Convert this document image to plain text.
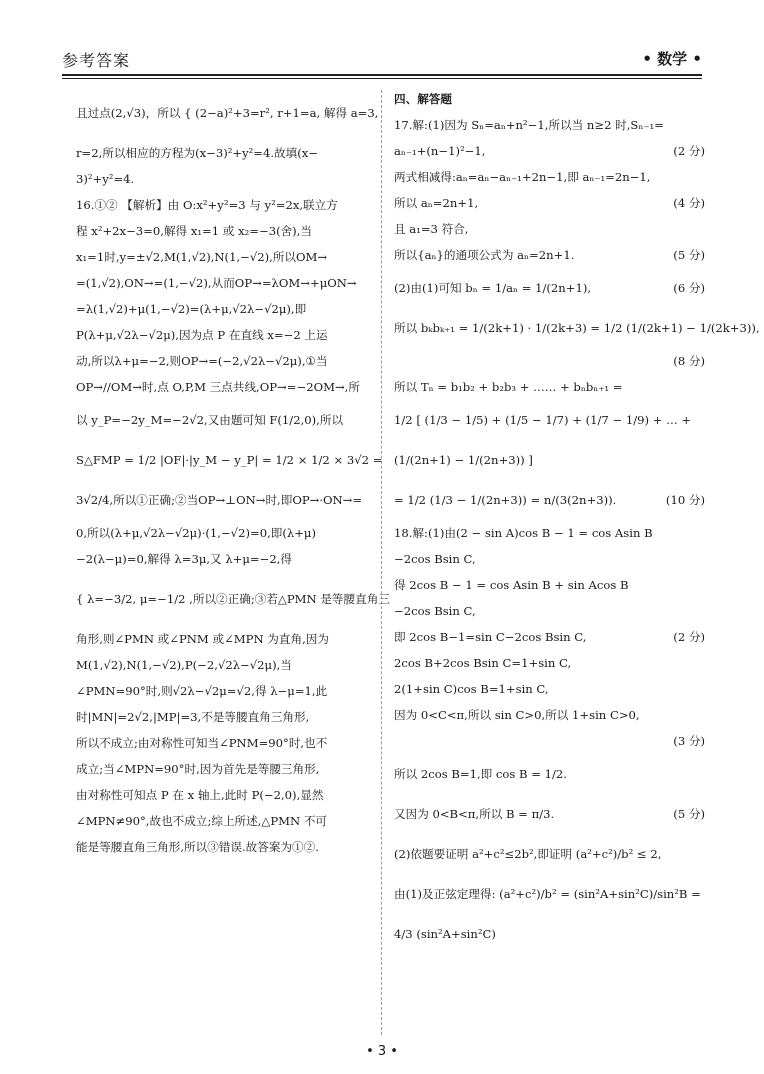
参考答案	• 数学 •
且过点(2,√3)，所以 { (2−a)²+3=r², r+1=a, 解得 a=3,
r=2,所以相应的方程为(x−3)²+y²=4.故填(x−
3)²+y²=4.
16.①② 【解析】由 O:x²+y²=3 与 y²=2x,联立方
程 x²+2x−3=0,解得 x₁=1 或 x₂=−3(舍),当
x₁=1时,y=±√2,M(1,√2),N(1,−√2),所以OM→
=(1,√2),ON→=(1,−√2),从而OP→=λOM→+μON→
=λ(1,√2)+μ(1,−√2)=(λ+μ,√2λ−√2μ),即
P(λ+μ,√2λ−√2μ),因为点 P 在直线 x=−2 上运
动,所以λ+μ=−2,则OP→=(−2,√2λ−√2μ),①当
OP→//OM→时,点 O,P,M 三点共线,OP→=−2OM→,所
以 y_P=−2y_M=−2√2,又由题可知 F(1/2,0),所以
S△FMP = 1/2 |OF|·|y_M − y_P| = 1/2 × 1/2 × 3√2 =
3√2/4,所以①正确;②当OP→⊥ON→时,即OP→·ON→=
0,所以(λ+μ,√2λ−√2μ)·(1,−√2)=0,即(λ+μ)
−2(λ−μ)=0,解得 λ=3μ,又 λ+μ=−2,得
{ λ=−3/2, μ=−1/2 ,所以②正确;③若△PMN 是等腰直角三
角形,则∠PMN 或∠PNM 或∠MPN 为直角,因为
M(1,√2),N(1,−√2),P(−2,√2λ−√2μ),当
∠PMN=90°时,则√2λ−√2μ=√2,得 λ−μ=1,此
时|MN|=2√2,|MP|=3,不是等腰直角三角形,
所以不成立;由对称性可知当∠PNM=90°时,也不
成立;当∠MPN=90°时,因为首先是等腰三角形,
由对称性可知点 P 在 x 轴上,此时 P(−2,0),显然
∠MPN≠90°,故也不成立;综上所述,△PMN 不可
能是等腰直角三角形,所以③错误.故答案为①②.
四、解答题
17.解:(1)因为 Sₙ=aₙ+n²−1,所以当 n≥2 时,Sₙ₋₁=
aₙ₋₁+(n−1)²−1,	(2 分)
两式相减得:aₙ=aₙ−aₙ₋₁+2n−1,即 aₙ₋₁=2n−1,
所以 aₙ=2n+1,	(4 分)
且 a₁=3 符合,
所以{aₙ}的通项公式为 aₙ=2n+1.	(5 分)
(2)由(1)可知 bₙ = 1/aₙ = 1/(2n+1),	(6 分)
所以 bₖbₖ₊₁ = 1/(2k+1) · 1/(2k+3) = 1/2 (1/(2k+1) − 1/(2k+3)),
(8 分)
所以 Tₙ = b₁b₂ + b₂b₃ + …… + bₙbₙ₊₁ =
1/2 [ (1/3 − 1/5) + (1/5 − 1/7) + (1/7 − 1/9) + … +
(1/(2n+1) − 1/(2n+3)) ]
= 1/2 (1/3 − 1/(2n+3)) = n/(3(2n+3)).	(10 分)
18.解:(1)由(2 − sin A)cos B − 1 = cos Asin B
−2cos Bsin C,
得 2cos B − 1 = cos Asin B + sin Acos B
−2cos Bsin C,
即 2cos B−1=sin C−2cos Bsin C,	(2 分)
2cos B+2cos Bsin C=1+sin C,
2(1+sin C)cos B=1+sin C,
因为 0<C<π,所以 sin C>0,所以 1+sin C>0,
(3 分)
所以 2cos B=1,即 cos B = 1/2.
又因为 0<B<π,所以 B = π/3.	(5 分)
(2)依题要证明 a²+c²≤2b²,即证明 (a²+c²)/b² ≤ 2,
由(1)及正弦定理得: (a²+c²)/b² = (sin²A+sin²C)/sin²B =
4/3 (sin²A+sin²C)
• 3 •
